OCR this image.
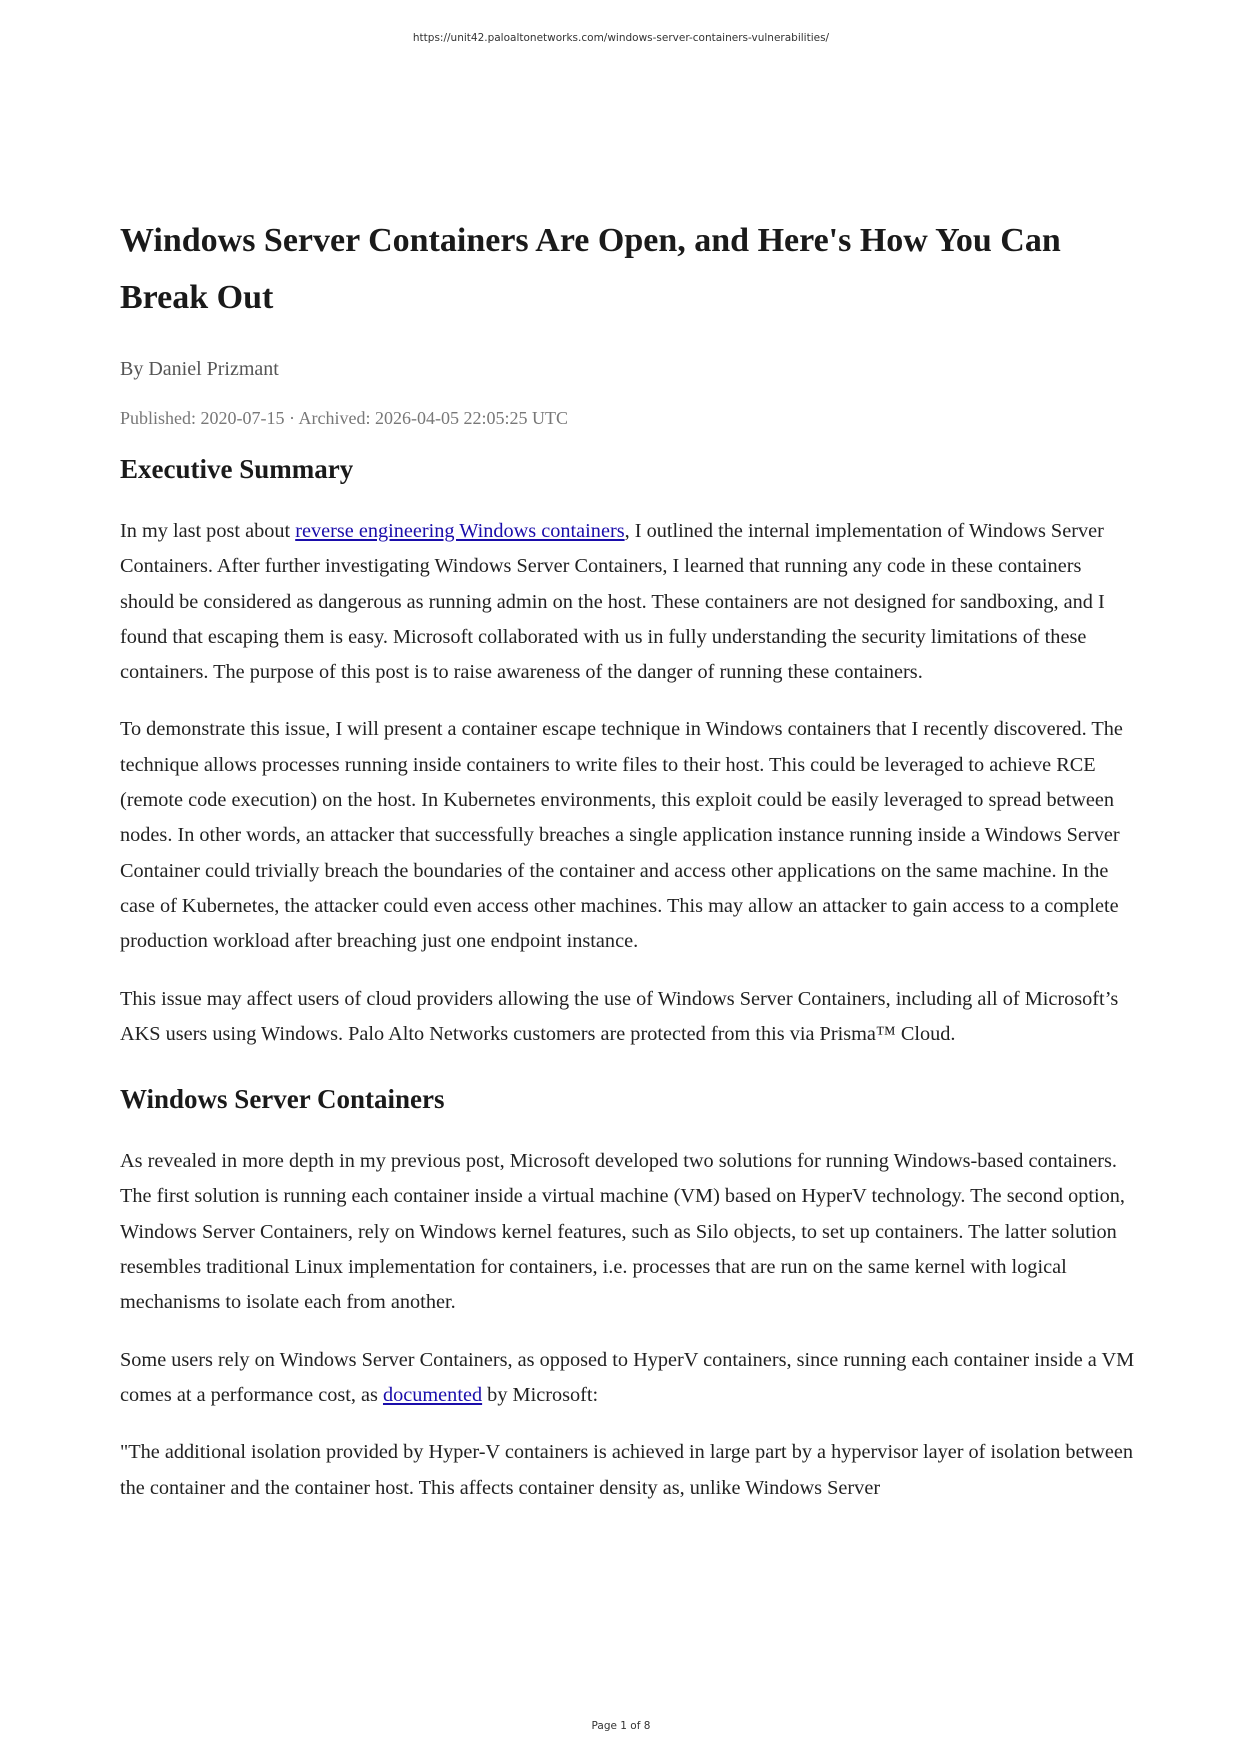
https://unit42.paloaltonetworks.com/windows-server-containers-vulnerabilities/
Windows Server Containers Are Open, and Here's How You Can Break Out
By Daniel Prizmant
Published: 2020-07-15 · Archived: 2026-04-05 22:05:25 UTC
Executive Summary

In my last post about reverse engineering Windows containers, I outlined the internal implementation of Windows Server Containers. After further investigating Windows Server Containers, I learned that running any code in these containers should be considered as dangerous as running admin on the host. These containers are not designed for sandboxing, and I found that escaping them is easy. Microsoft collaborated with us in fully understanding the security limitations of these containers. The purpose of this post is to raise awareness of the danger of running these containers.

To demonstrate this issue, I will present a container escape technique in Windows containers that I recently discovered. The technique allows processes running inside containers to write files to their host. This could be leveraged to achieve RCE (remote code execution) on the host. In Kubernetes environments, this exploit could be easily leveraged to spread between nodes. In other words, an attacker that successfully breaches a single application instance running inside a Windows Server Container could trivially breach the boundaries of the container and access other applications on the same machine. In the case of Kubernetes, the attacker could even access other machines. This may allow an attacker to gain access to a complete production workload after breaching just one endpoint instance.

This issue may affect users of cloud providers allowing the use of Windows Server Containers, including all of Microsoft’s AKS users using Windows. Palo Alto Networks customers are protected from this via Prisma™ Cloud.

Windows Server Containers

As revealed in more depth in my previous post, Microsoft developed two solutions for running Windows-based containers. The first solution is running each container inside a virtual machine (VM) based on HyperV technology. The second option, Windows Server Containers, rely on Windows kernel features, such as Silo objects, to set up containers. The latter solution resembles traditional Linux implementation for containers, i.e. processes that are run on the same kernel with logical mechanisms to isolate each from another.

Some users rely on Windows Server Containers, as opposed to HyperV containers, since running each container inside a VM comes at a performance cost, as documented by Microsoft:

"The additional isolation provided by Hyper-V containers is achieved in large part by a hypervisor layer of isolation between the container and the container host. This affects container density as, unlike Windows Server

Page 1 of 8
